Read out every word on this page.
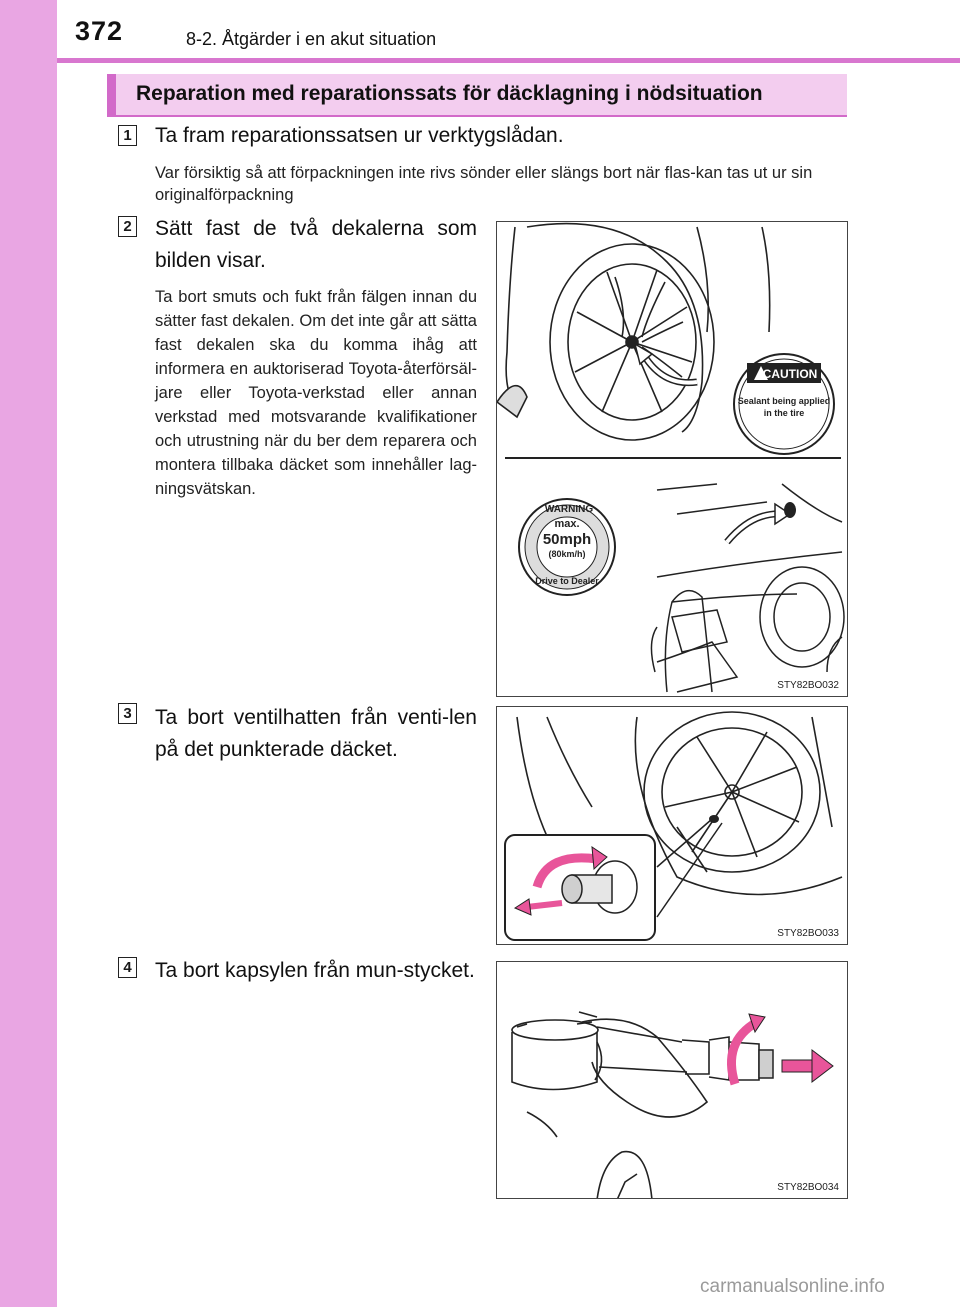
372	8-2. Åtgärder i en akut situation
Reparation med reparationssats för däcklagning i nödsituation
1 Ta fram reparationssatsen ur verktygslådan.
Var försiktig så att förpackningen inte rivs sönder eller slängs bort när flas-kan tas ut ur sin originalförpackning
2 Sätt fast de två dekalerna som bilden visar.
Ta bort smuts och fukt från fälgen innan du sätter fast dekalen. Om det inte går att sätta fast dekalen ska du komma ihåg att informera en auktoriserad Toyota-återförsäl-jare eller Toyota-verkstad eller annan verkstad med motsvarande kvalifikationer och utrustning när du ber dem reparera och montera tillbaka däcket som innehåller lag-ningsvätskan.
CAUTION
Sealant being applied
in the tire
WARNING
max.
50mph
(80km/h)
Drive to Dealer
STY82BO032
3 Ta bort ventilhatten från venti-len på det punkterade däcket.
STY82BO033
4 Ta bort kapsylen från mun-stycket.
STY82BO034
carmanualsonline.info
